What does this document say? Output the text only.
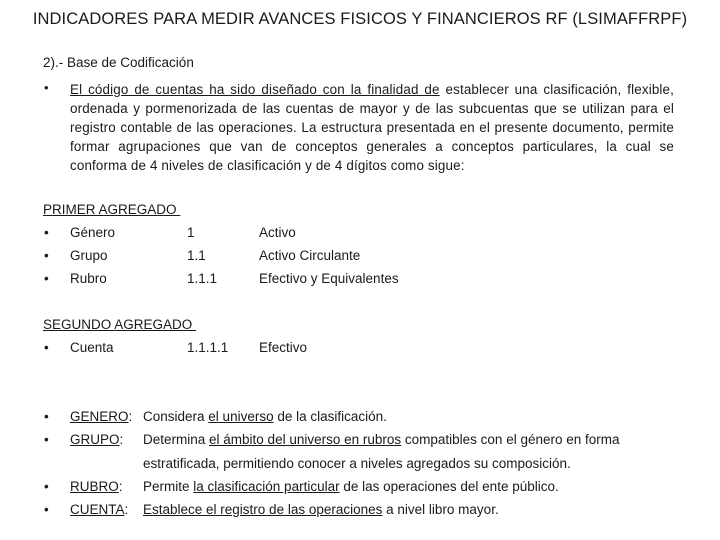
INDICADORES PARA MEDIR AVANCES FISICOS Y FINANCIEROS RF (LSIMAFFRPF)
2).- Base de Codificación
• El código de cuentas ha sido diseñado con la finalidad de establecer una clasificación, flexible, ordenada y pormenorizada de las cuentas de mayor y de las subcuentas que se utilizan para el registro contable de las operaciones. La estructura presentada en el presente documento, permite formar agrupaciones que van de conceptos generales a conceptos particulares, la cual se conforma de 4 niveles de clasificación y de 4 dígitos como sigue:
PRIMER AGREGADO
• Género	1	Activo
• Grupo	1.1	Activo Circulante
• Rubro	1.1.1	Efectivo y Equivalentes
SEGUNDO AGREGADO
• Cuenta	1.1.1.1 Efectivo
• GENERO: Considera el universo de la clasificación.
• GRUPO: Determina el ámbito del universo en rubros compatibles con el género en forma
estratificada, permitiendo conocer a niveles agregados su composición.
• RUBRO: Permite la clasificación particular de las operaciones del ente público.
• CUENTA: Establece el registro de las operaciones a nivel libro mayor.
